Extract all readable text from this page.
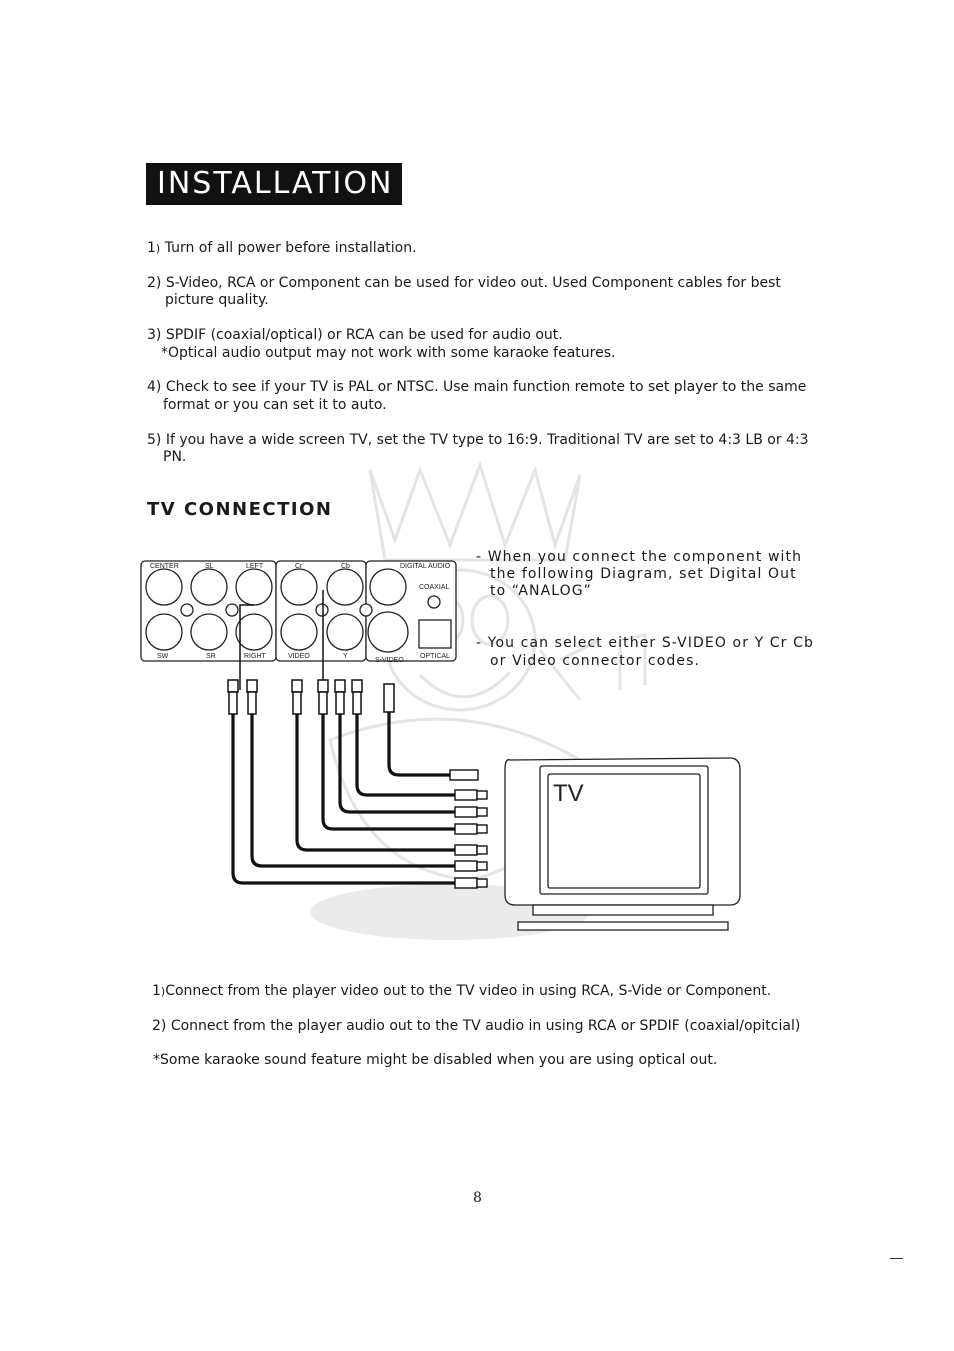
INSTALLATION
1) Turn of all power before installation.
2) S-Video, RCA or Component can be used for video out. Used Component cables for best
picture quality.
3) SPDIF (coaxial/optical) or RCA can be used for audio out.
*Optical audio output may not work with some karaoke features.
4) Check to see if your TV is PAL or NTSC. Use main function remote to set player to the same
format or you can set it to auto.
5) If you have a wide screen TV, set the TV type to 16:9. Traditional TV are set to 4:3 LB or 4:3
PN.
TV CONNECTION
CENTER	SL	LEFT	Cr	Cb	DIGITAL AUDIO
COAXIAL
SW	SR	RIGHT	VIDEO	Y
S-VIDEO
OPTICAL
TV
- When you connect the component with
the following Diagram, set Digital Out
to “ANALOG”
- You can select either S-VIDEO or Y Cr Cb
or Video connector codes.
1)Connect from the player video out to the TV video in using RCA, S-Vide or Component.
2) Connect from the player audio out to the TV audio in using RCA or SPDIF (coaxial/opitcial)
*Some karaoke sound feature might be disabled when you are using optical out.
8
